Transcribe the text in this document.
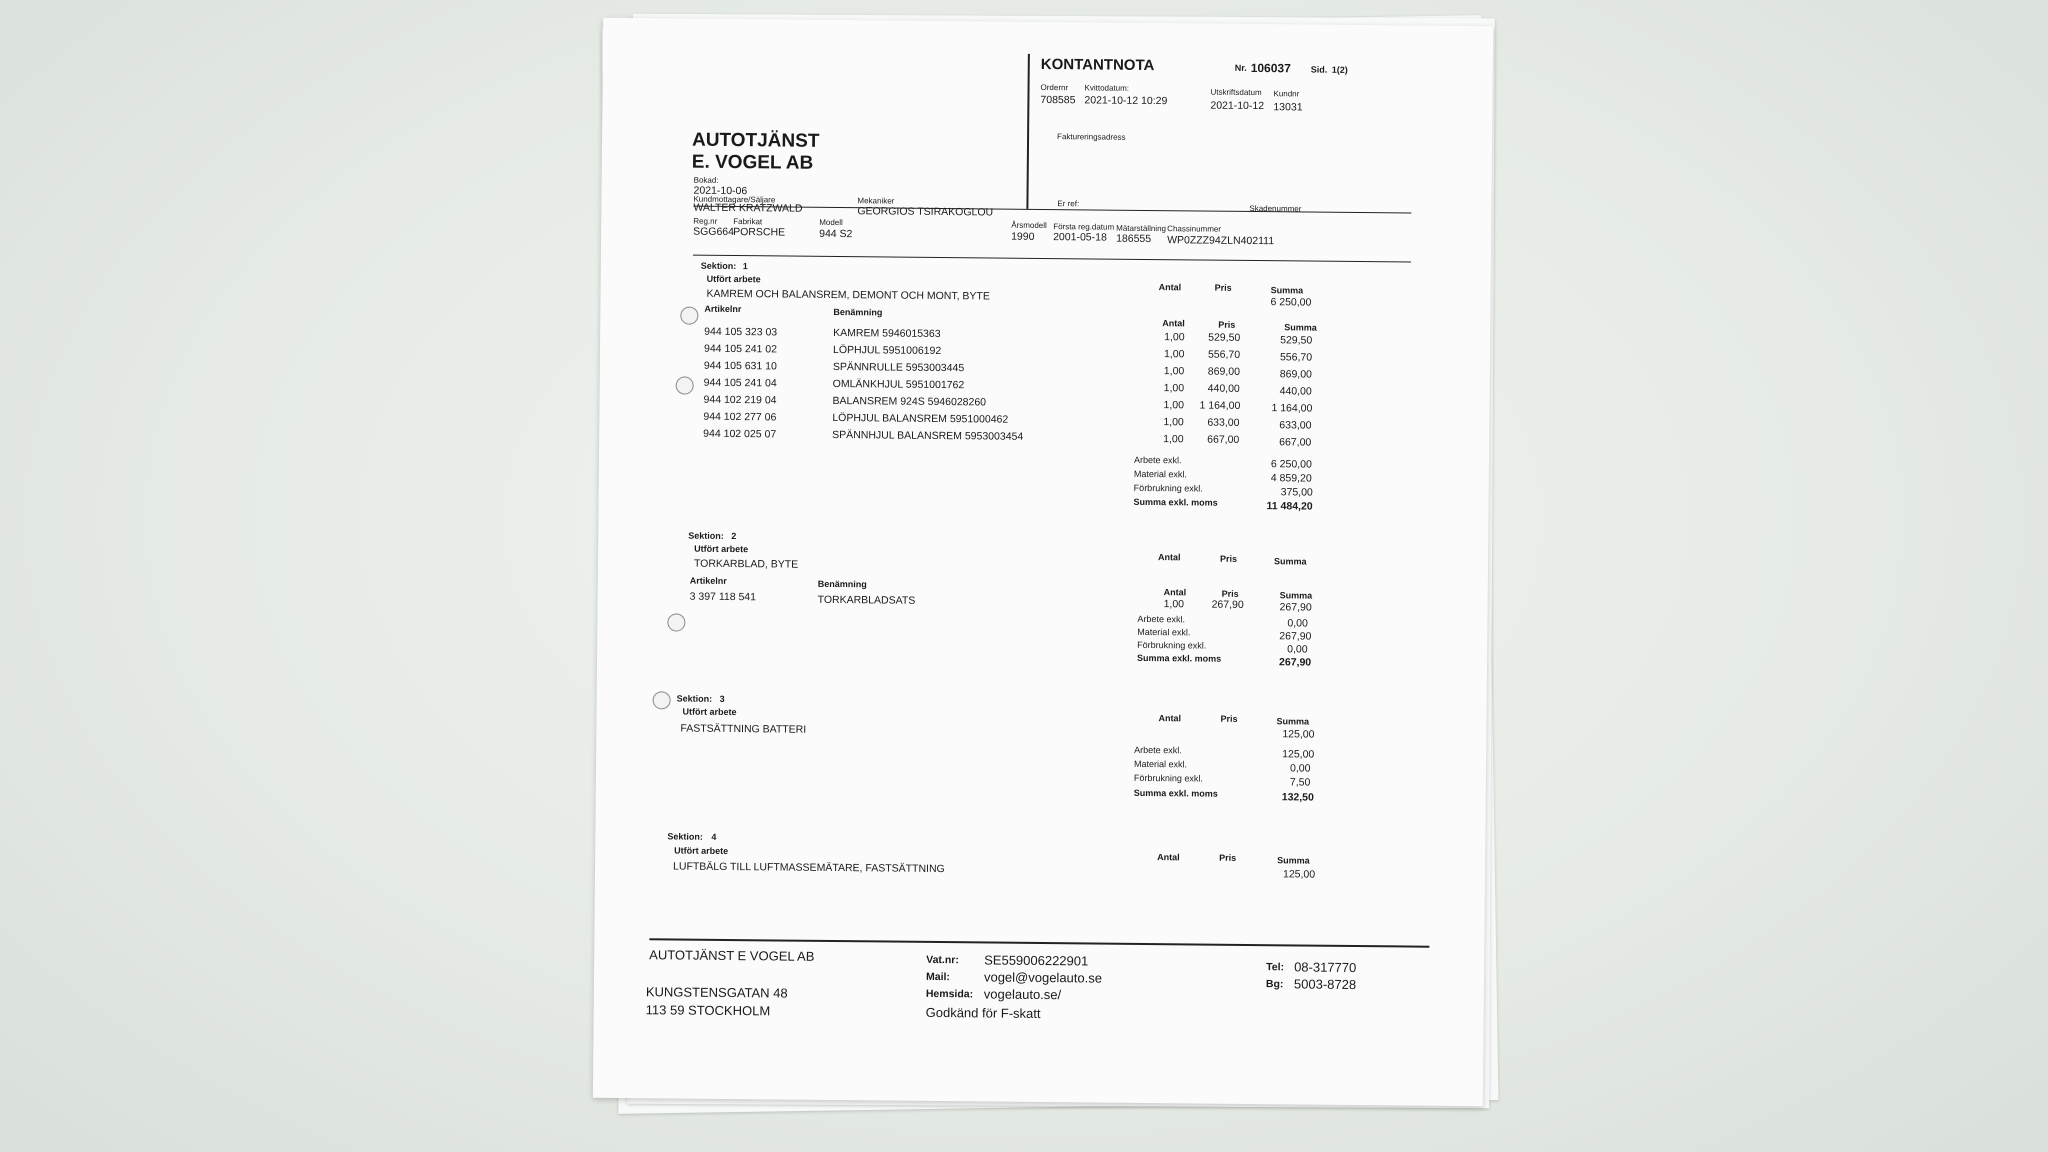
KONTANTNOTA	Nr. 106037 Sid. 1(2)
Ordernr
708585
Kvittodatum:
2021-10-12 10:29
Utskriftsdatum
2021-10-12
Kundnr
13031
Faktureringsadress
Er ref:
Skadenummer
AUTOTJÄNST
E. VOGEL AB
Bokad:
2021-10-06
Kundmottagare/Säljare
WALTER KRATZWALD
Mekaniker
GEORGIOS TSIRAKOGLOU
Reg.nr
SGG664
Fabrikat
PORSCHE
Modell
944 S2
Årsmodell
1990
Första reg.datum
2001-05-18
Mätarställning
186555
Chassinummer
WP0ZZZ94ZLN402111
Sektion: 1
Utfört arbete
KAMREM OCH BALANSREM, DEMONT OCH MONT, BYTE
Antal	Pris	Summa
6 250,00
Artikelnr	Benämning
Antal	Pris	Summa
944 105 323 03	KAMREM 5946015363	1,00 529,50	529,50
944 105 241 02	LÖPHJUL 5951006192	1,00 556,70	556,70
944 105 631 10	SPÄNNRULLE 5953003445	1,00 869,00	869,00
944 105 241 04	OMLÄNKHJUL 5951001762	1,00 440,00	440,00
944 102 219 04	BALANSREM 924S 5946028260	1,00 1 164,00	1 164,00
944 102 277 06	LÖPHJUL BALANSREM 5951000462	1,00 633,00	633,00
944 102 025 07	SPÄNNHJUL BALANSREM 5953003454	1,00 667,00	667,00
Arbete exkl.	6 250,00
Material exkl.	4 859,20
Förbrukning exkl.	375,00
Summa exkl. moms	11 484,20
Sektion: 2
Utfört arbete
TORKARBLAD, BYTE
Antal	Pris	Summa
Artikelnr	Benämning
Antal	Pris	Summa
3 397 118 541	TORKARBLADSATS	1,00	267,90	267,90
Arbete exkl.	0,00
Material exkl.	267,90
Förbrukning exkl.	0,00
Summa exkl. moms	267,90
Sektion: 3
Utfört arbete
FASTSÄTTNING BATTERI
Antal	Pris	Summa
125,00
Arbete exkl.	125,00
Material exkl.	0,00
Förbrukning exkl.	7,50
Summa exkl. moms	132,50
Sektion: 4
Utfört arbete
LUFTBÄLG TILL LUFTMASSEMÄTARE, FASTSÄTTNING
Antal	Pris	Summa
125,00
AUTOTJÄNST E VOGEL AB
KUNGSTENSGATAN 48
113 59 STOCKHOLM
Vat.nr: SE559006222901
Mail:	vogel@vogelauto.se
Hemsida: vogelauto.se/
Godkänd för F-skatt
Tel: 08-317770
Bg: 5003-8728
